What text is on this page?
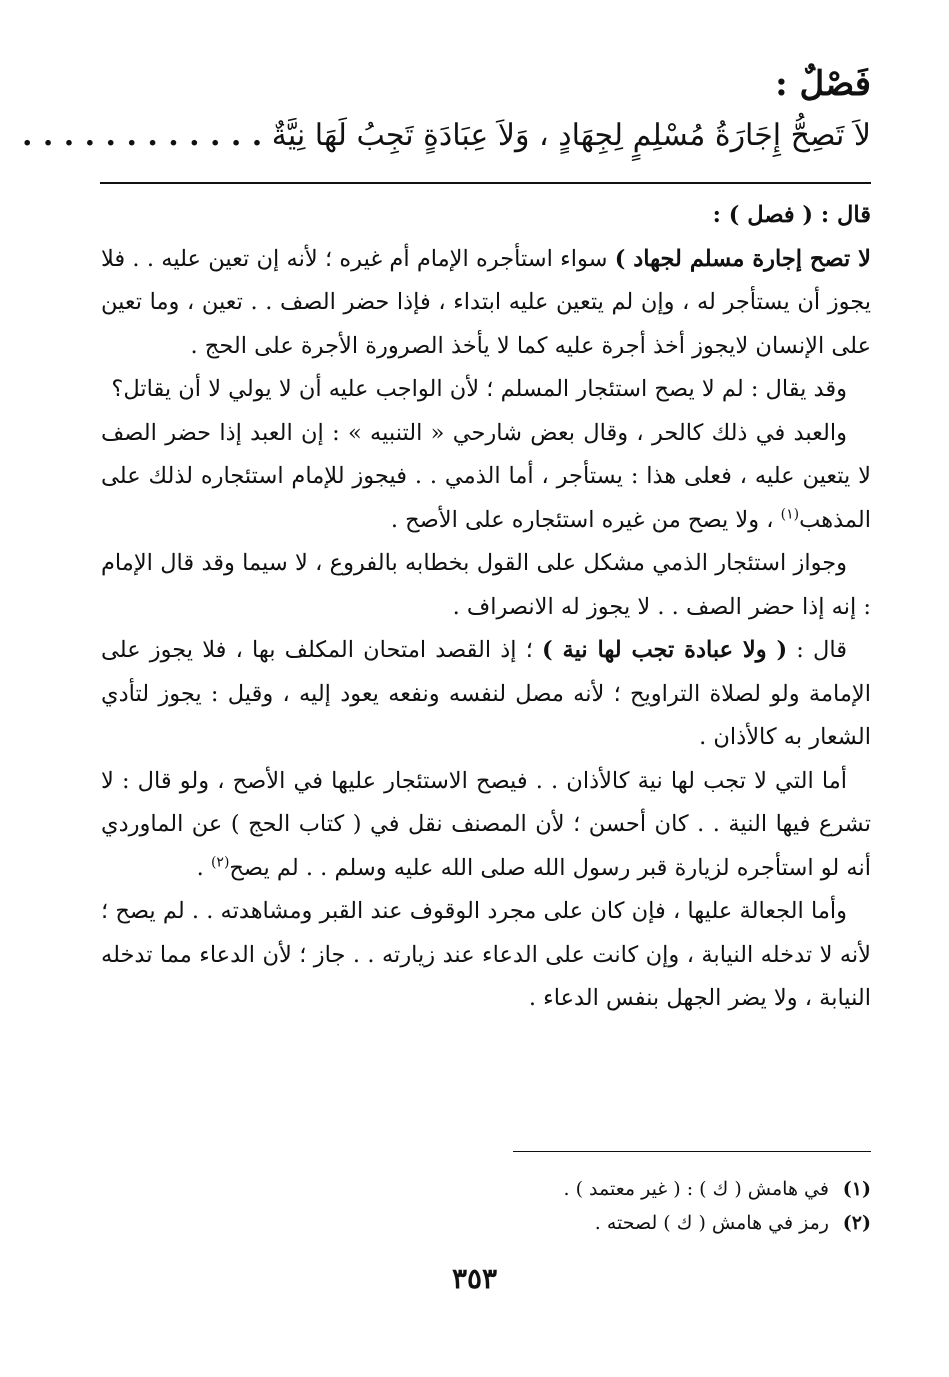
فَصْلٌ :
لاَ تَصِحُّ إِجَارَةُ مُسْلِمٍ لِجِهَادٍ ، وَلاَ عِبَادَةٍ تَجِبُ لَهَا نِيَّةٌ . . . . . . . . . . . .

قال : ( فصل ) :

لا تصح إجارة مسلم لجهاد ) سواء استأجره الإمام أم غيره ؛ لأنه إن تعين عليه . . فلا يجوز أن يستأجر له ، وإن لم يتعين عليه ابتداء ، فإذا حضر الصف . . تعين ، وما تعين على الإنسان لايجوز أخذ أجرة عليه كما لا يأخذ الصرورة الأجرة على الحج .

وقد يقال : لم لا يصح استئجار المسلم ؛ لأن الواجب عليه أن لا يولي لا أن يقاتل؟

والعبد في ذلك كالحر ، وقال بعض شارحي « التنبيه » : إن العبد إذا حضر الصف لا يتعين عليه ، فعلى هذا : يستأجر ، أما الذمي . . فيجوز للإمام استئجاره لذلك على المذهب$^{(١)}$ ، ولا يصح من غيره استئجاره على الأصح .

وجواز استئجار الذمي مشكل على القول بخطابه بالفروع ، لا سيما وقد قال الإمام : إنه إذا حضر الصف . . لا يجوز له الانصراف .

قال : ( ولا عبادة تجب لها نية ) ؛ إذ القصد امتحان المكلف بها ، فلا يجوز على الإمامة ولو لصلاة التراويح ؛ لأنه مصل لنفسه ونفعه يعود إليه ، وقيل : يجوز لتأدي الشعار به كالأذان .

أما التي لا تجب لها نية كالأذان . . فيصح الاستئجار عليها في الأصح ، ولو قال : لا تشرع فيها النية . . كان أحسن ؛ لأن المصنف نقل في ( كتاب الحج ) عن الماوردي أنه لو استأجره لزيارة قبر رسول الله صلى الله عليه وسلم . . لم يصح$^{(٢)}$ .

وأما الجعالة عليها ، فإن كان على مجرد الوقوف عند القبر ومشاهدته . . لم يصح ؛ لأنه لا تدخله النيابة ، وإن كانت على الدعاء عند زيارته . . جاز ؛ لأن الدعاء مما تدخله النيابة ، ولا يضر الجهل بنفس الدعاء .

(١) في هامش ( ك ) : ( غير معتمد ) .
(٢) رمز في هامش ( ك ) لصحته .
٣٥٣
